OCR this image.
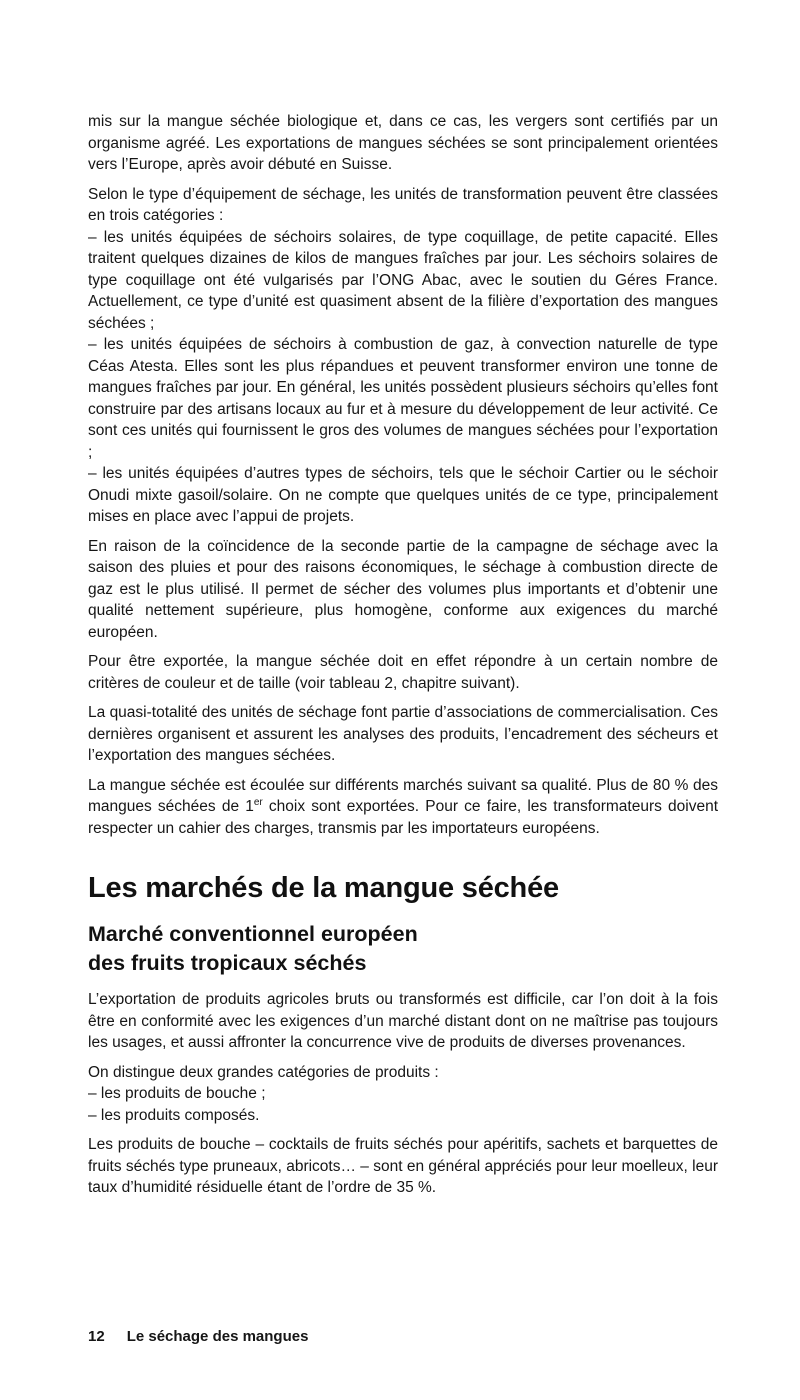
mis sur la mangue séchée biologique et, dans ce cas, les vergers sont certifiés par un organisme agréé. Les exportations de mangues séchées se sont principalement orientées vers l’Europe, après avoir débuté en Suisse.

Selon le type d’équipement de séchage, les unités de transformation peuvent être classées en trois catégories :

– les unités équipées de séchoirs solaires, de type coquillage, de petite capacité. Elles traitent quelques dizaines de kilos de mangues fraîches par jour. Les séchoirs solaires de type coquillage ont été vulgarisés par l’ONG Abac, avec le soutien du Géres France. Actuellement, ce type d’unité est quasiment absent de la filière d’exportation des mangues séchées ;

– les unités équipées de séchoirs à combustion de gaz, à convection naturelle de type Céas Atesta. Elles sont les plus répandues et peuvent transformer environ une tonne de mangues fraîches par jour. En général, les unités possèdent plusieurs séchoirs qu’elles font construire par des artisans locaux au fur et à mesure du développement de leur activité. Ce sont ces unités qui fournissent le gros des volumes de mangues séchées pour l’exportation ;

– les unités équipées d’autres types de séchoirs, tels que le séchoir Cartier ou le séchoir Onudi mixte gasoil/solaire. On ne compte que quelques unités de ce type, principalement mises en place avec l’appui de projets.

En raison de la coïncidence de la seconde partie de la campagne de séchage avec la saison des pluies et pour des raisons économiques, le séchage à combustion directe de gaz est le plus utilisé. Il permet de sécher des volumes plus importants et d’obtenir une qualité nettement supérieure, plus homogène, conforme aux exigences du marché européen.

Pour être exportée, la mangue séchée doit en effet répondre à un certain nombre de critères de couleur et de taille (voir tableau 2, chapitre suivant).

La quasi-totalité des unités de séchage font partie d’associations de commercialisation. Ces dernières organisent et assurent les analyses des produits, l’encadrement des sécheurs et l’exportation des mangues séchées.

La mangue séchée est écoulée sur différents marchés suivant sa qualité. Plus de 80 % des mangues séchées de 1er choix sont exportées. Pour ce faire, les transformateurs doivent respecter un cahier des charges, transmis par les importateurs européens.

Les marchés de la mangue séchée
Marché conventionnel européen
des fruits tropicaux séchés

L’exportation de produits agricoles bruts ou transformés est difficile, car l’on doit à la fois être en conformité avec les exigences d’un marché distant dont on ne maîtrise pas toujours les usages, et aussi affronter la concurrence vive de produits de diverses provenances.

On distingue deux grandes catégories de produits :

– les produits de bouche ;

– les produits composés.

Les produits de bouche – cocktails de fruits séchés pour apéritifs, sachets et barquettes de fruits séchés type pruneaux, abricots… – sont en général appréciés pour leur moelleux, leur taux d’humidité résiduelle étant de l’ordre de 35 %.

12 Le séchage des mangues
